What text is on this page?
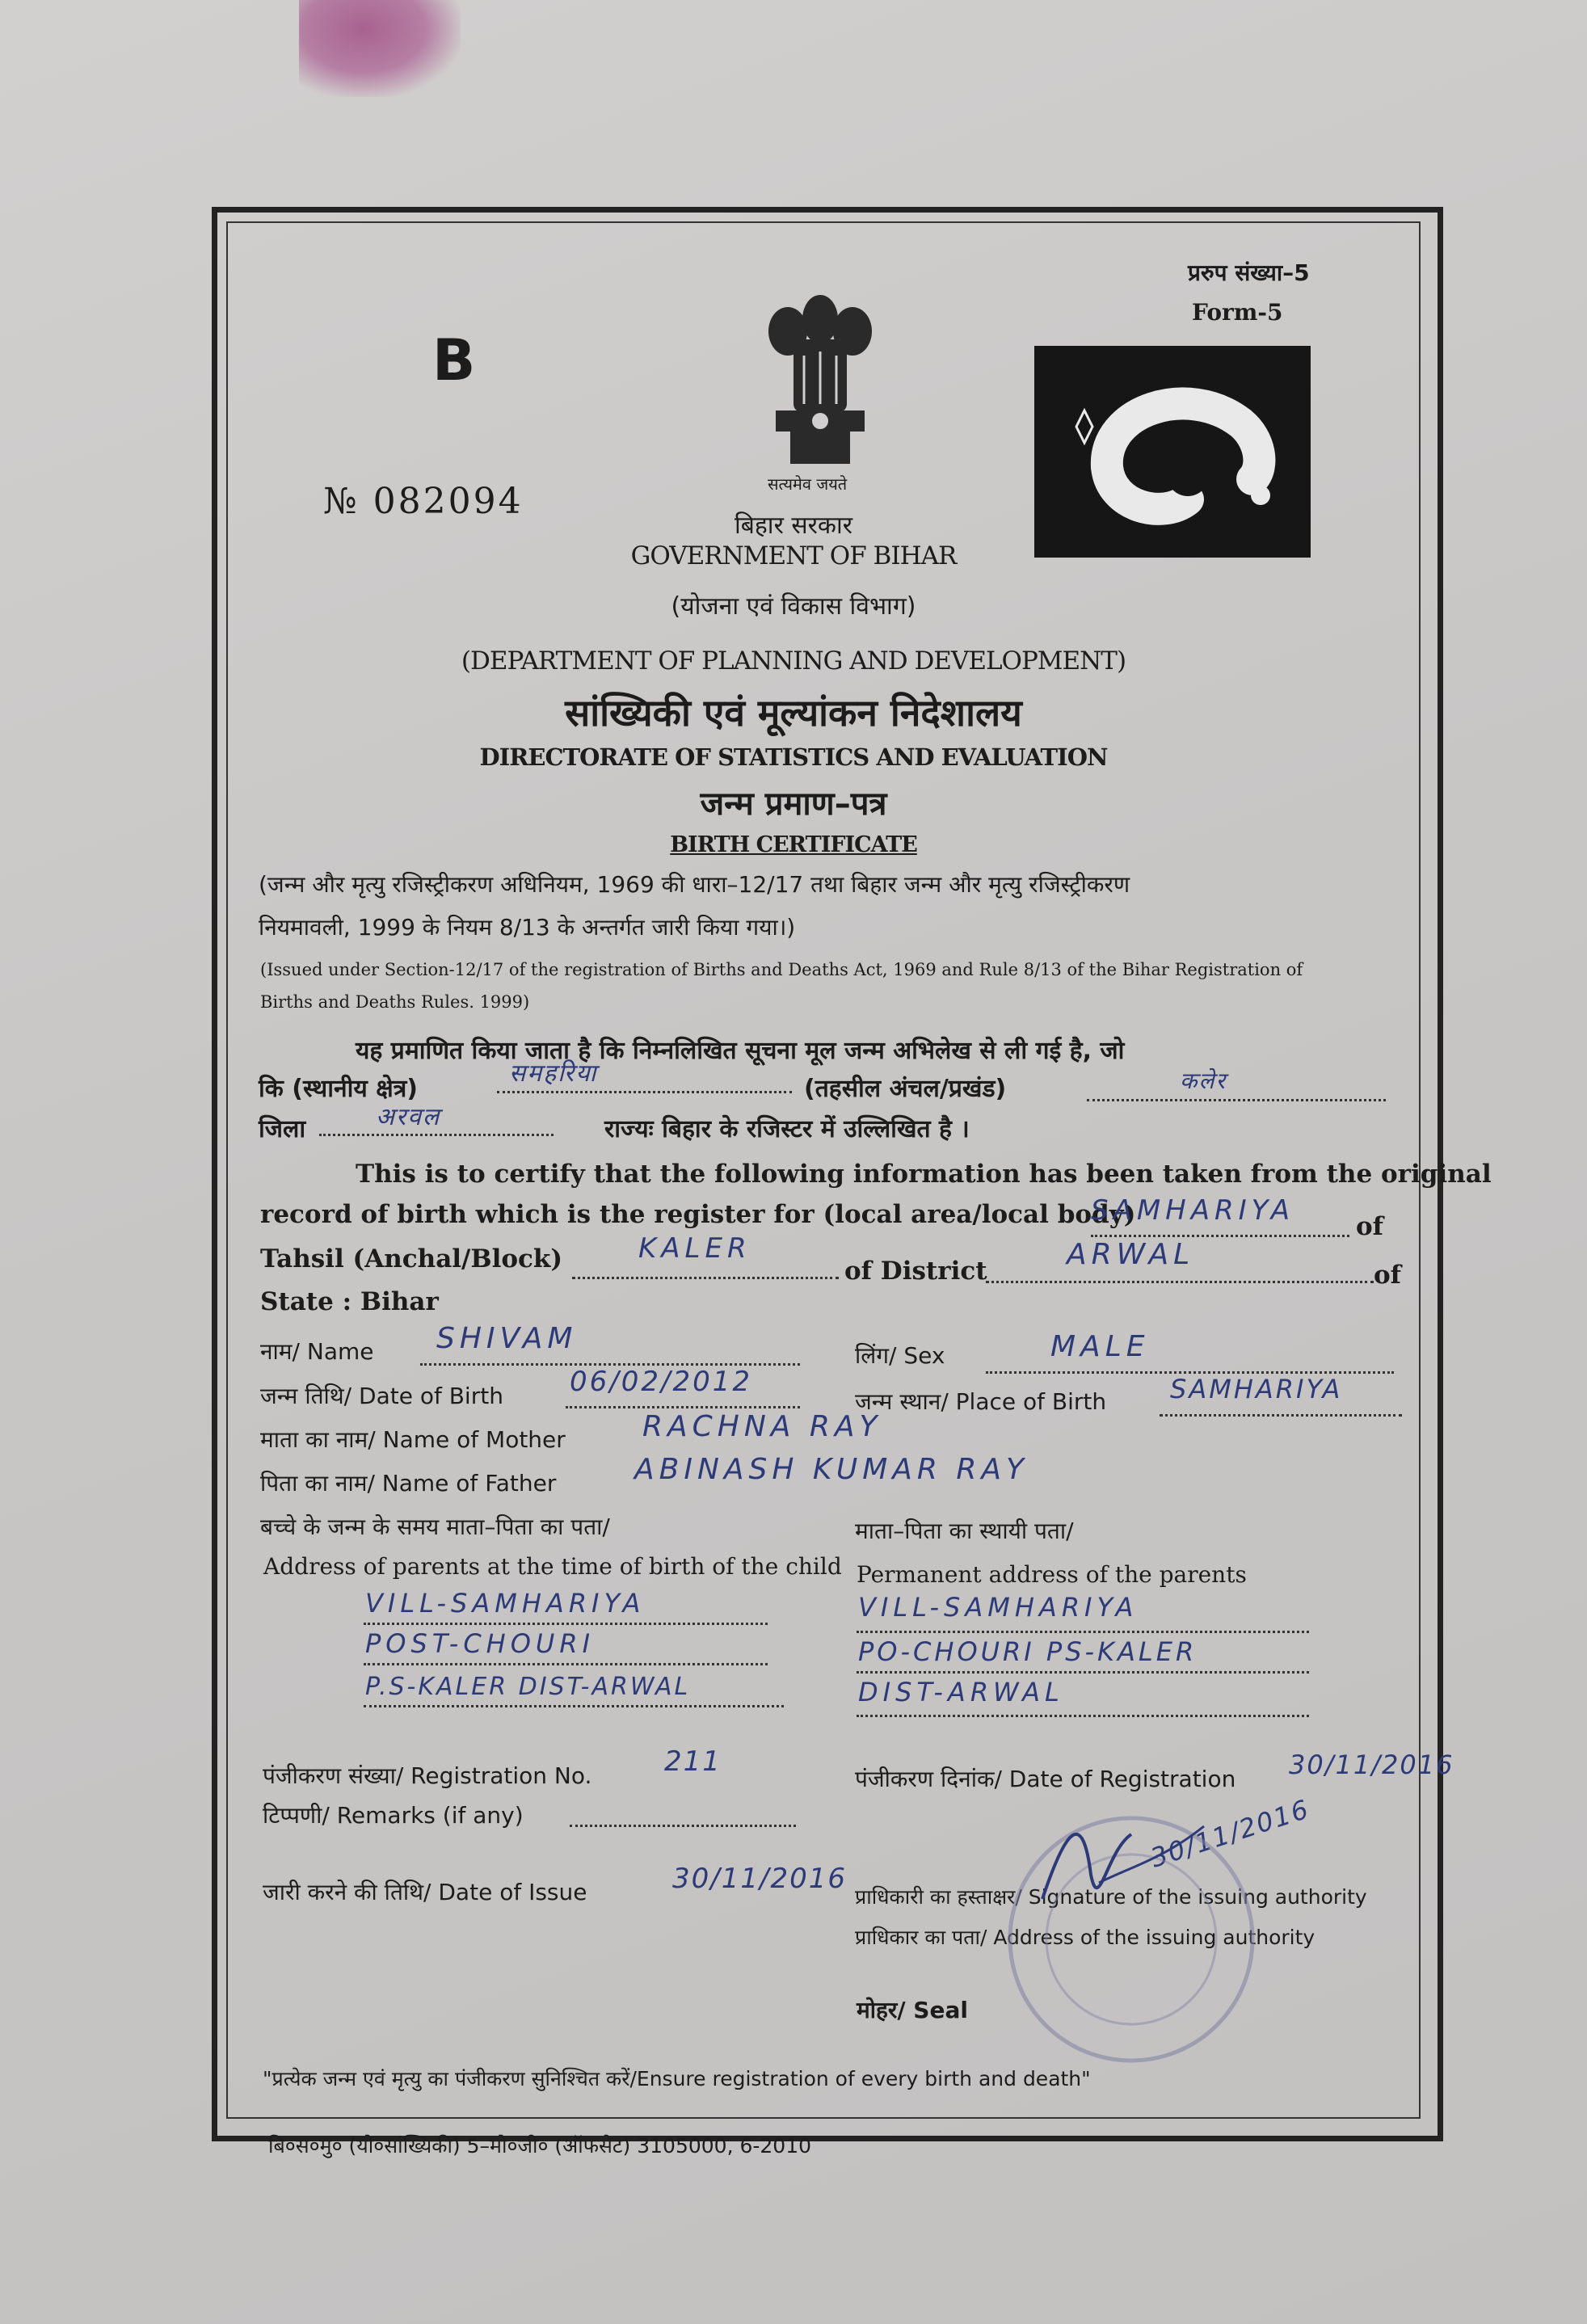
B
№ 082094
प्ररुप संख्या–5
Form-5
सत्यमेव जयते
बिहार सरकार
GOVERNMENT OF BIHAR
(योजना एवं विकास विभाग)
(DEPARTMENT OF PLANNING AND DEVELOPMENT)
सांख्यिकी एवं मूल्यांकन निदेशालय
DIRECTORATE OF STATISTICS AND EVALUATION
जन्म प्रमाण–पत्र
BIRTH CERTIFICATE
(जन्म और मृत्यु रजिस्ट्रीकरण अधिनियम, 1969 की धारा–12/17 तथा बिहार जन्म और मृत्यु रजिस्ट्रीकरण
नियमावली, 1999 के नियम 8/13 के अन्तर्गत जारी किया गया।)
(Issued under Section-12/17 of the registration of Births and Deaths Act, 1969 and Rule 8/13 of the Bihar Registration of
Births and Deaths Rules. 1999)
यह प्रमाणित किया जाता है कि निम्नलिखित सूचना मूल जन्म अभिलेख से ली गई है, जो
कि (स्थानीय क्षेत्र)
समहरिया
(तहसील अंचल/प्रखंड)	कलेर
जिला	अरवल	राज्यः बिहार के रजिस्टर में उल्लिखित है ।
This is to certify that the following information has been taken from the original
record of birth which is the register for (local area/local body)
SAMHARIYA of
Tahsil (Anchal/Block)	KALER
of District	ARWAL
of
State : Bihar
नाम/ Name SHIVAM
लिंग/ Sex	MALE
जन्म तिथि/ Date of Birth 06/02/2012
जन्म स्थान/ Place of Birth SAMHARIYA
माता का नाम/ Name of Mother	RACHNA RAY
पिता का नाम/ Name of Father	ABINASH KUMAR RAY
बच्चे के जन्म के समय माता–पिता का पता/
Address of parents at the time of birth of the child
माता–पिता का स्थायी पता/
Permanent address of the parents
VILL-SAMHARIYA
POST-CHOURI
P.S-KALER DIST-ARWAL
VILL-SAMHARIYA
PO-CHOURI PS-KALER
DIST-ARWAL
पंजीकरण संख्या/ Registration No.	211
पंजीकरण दिनांक/ Date of Registration 30/11/2016
टिप्पणी/ Remarks (if any)
जारी करने की तिथि/ Date of Issue	30/11/2016
प्राधिकारी का हस्ताक्षर/ Signature of the issuing authority
30/11/2016
प्राधिकार का पता/ Address of the issuing authority
मोहर/ Seal
"प्रत्येक जन्म एवं मृत्यु का पंजीकरण सुनिश्चित करें/Ensure registration of every birth and death"
बि०स०मु० (यो०सांख्यिकी) 5–मो०जी० (ऑफसेट) 3105000, 6-2010
